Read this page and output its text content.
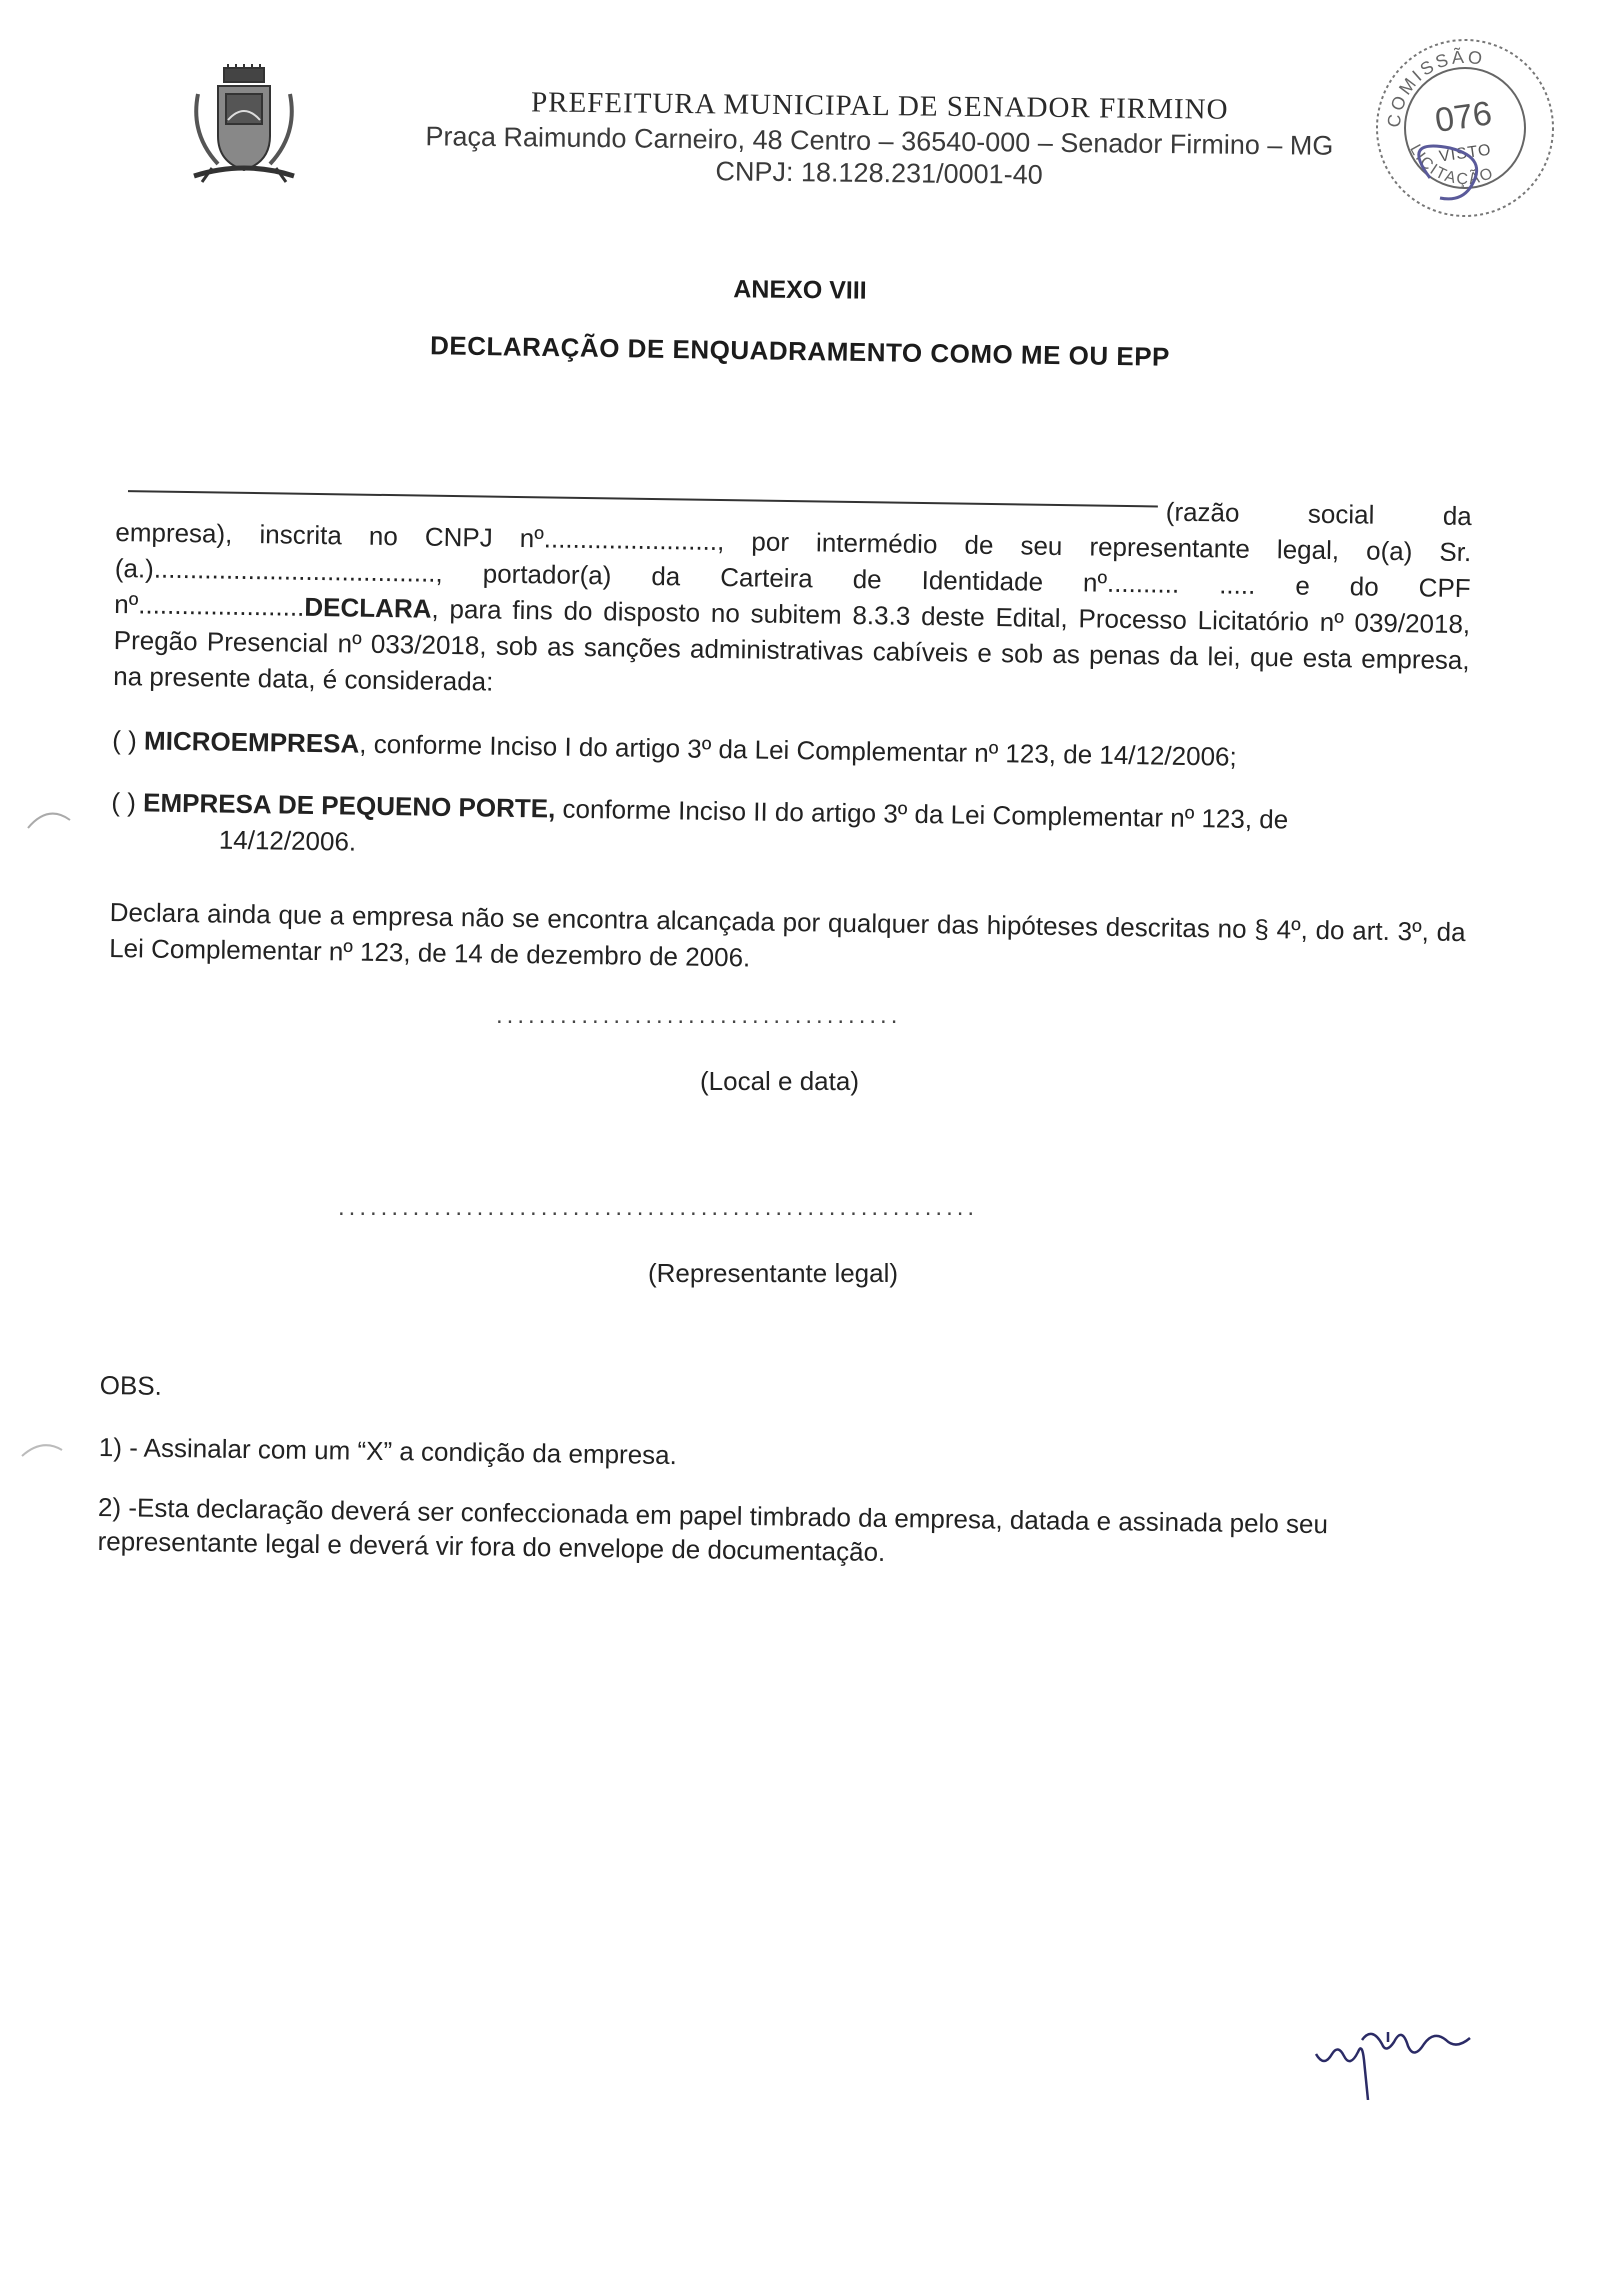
PREFEITURA MUNICIPAL DE SENADOR FIRMINO

Praça Raimundo Carneiro, 48 Centro – 36540-000 – Senador Firmino – MG

CNPJ: 18.128.231/0001-40

COMISSÃO
LICITAÇÃO
076
VISTO
ANEXO VIII
DECLARAÇÃO DE ENQUADRAMENTO COMO ME OU EPP

(razão social da empresa), inscrita no CNPJ nº........................, por intermédio de seu representante legal, o(a) Sr.(a.)......................................., portador(a) da Carteira de Identidade nº.......... ..... e do CPF nº.......................DECLARA, para fins do disposto no subitem 8.3.3 deste Edital, Processo Licitatório nº 039/2018, Pregão Presencial nº 033/2018, sob as sanções administrativas cabíveis e sob as penas da lei, que esta empresa, na presente data, é considerada:

( ) MICROEMPRESA, conforme Inciso I do artigo 3º da Lei Complementar nº 123, de 14/12/2006;

( ) EMPRESA DE PEQUENO PORTE, conforme Inciso II do artigo 3º da Lei Complementar nº 123, de
14/12/2006.

Declara ainda que a empresa não se encontra alcançada por qualquer das hipóteses descritas no § 4º, do art. 3º, da Lei Complementar nº 123, de 14 de dezembro de 2006.

......................................
(Local e data)
............................................................
(Representante legal)

OBS.

1) - Assinalar com um “X” a condição da empresa.

2) -Esta declaração deverá ser confeccionada em papel timbrado da empresa, datada e assinada pelo seu representante legal e deverá vir fora do envelope de documentação.
